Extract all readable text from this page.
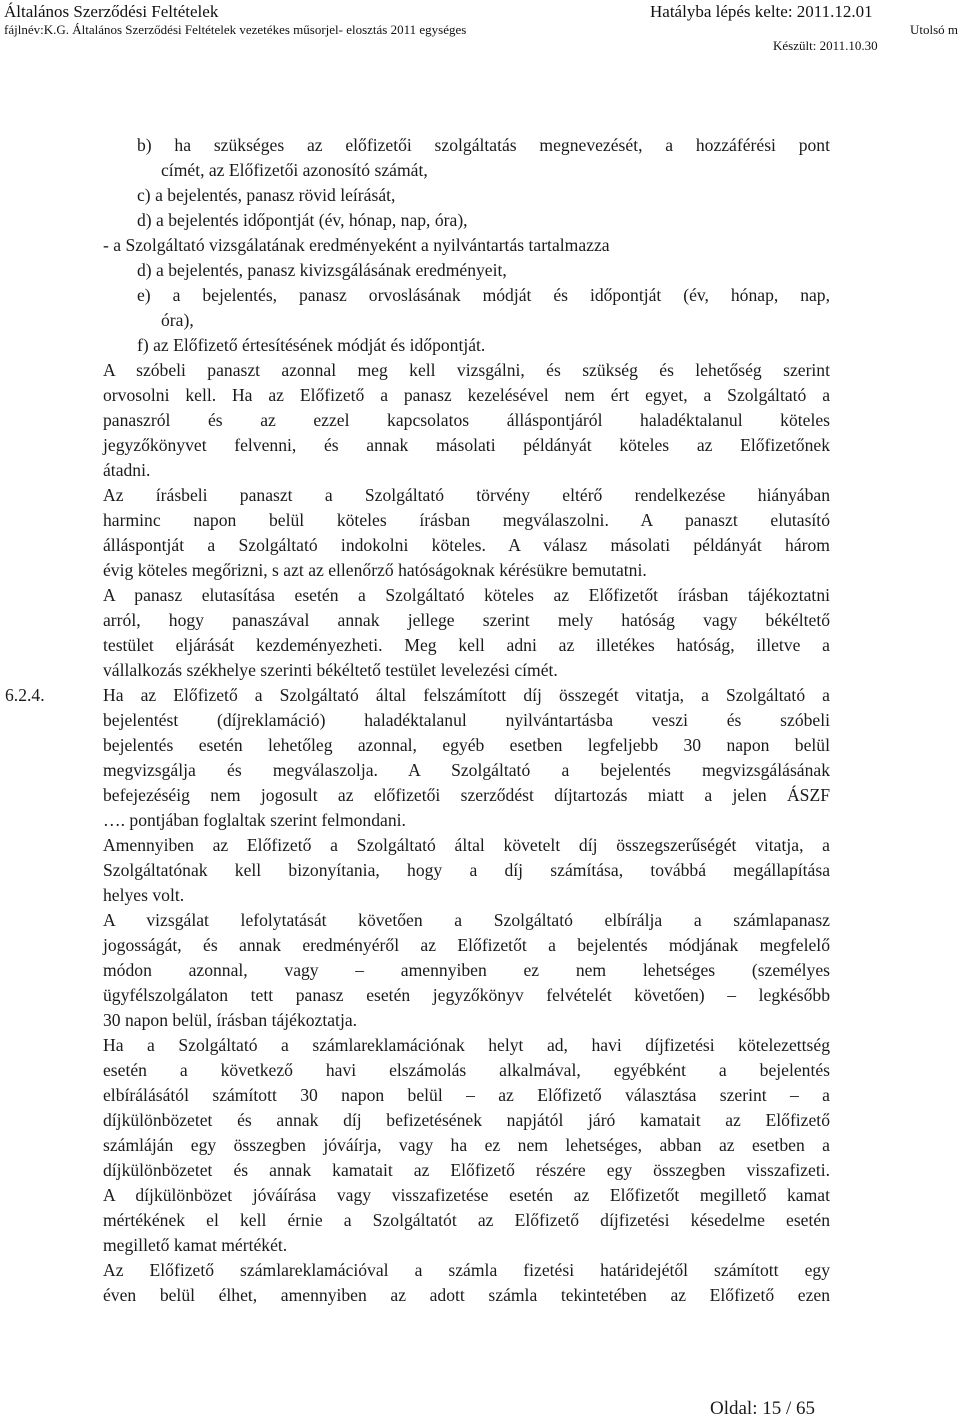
Általános Szerződési Feltételek	Hatályba lépés kelte: 2011.12.01
fájlnév:K.G. Általános Szerződési Feltételek vezetékes műsorjel- elosztás 2011 egységes	Utolsó m
Készült: 2011.10.30
b) ha szükséges az előfizetői szolgáltatás megnevezését, a hozzáférési pont
címét, az Előfizetői azonosító számát,
c) a bejelentés, panasz rövid leírását,
d) a bejelentés időpontját (év, hónap, nap, óra),
- a Szolgáltató vizsgálatának eredményeként a nyilvántartás tartalmazza
d) a bejelentés, panasz kivizsgálásának eredményeit,
e) a bejelentés, panasz orvoslásának módját és időpontját (év, hónap, nap,
óra),
f) az Előfizető értesítésének módját és időpontját.
A szóbeli panaszt azonnal meg kell vizsgálni, és szükség és lehetőség szerint
orvosolni kell. Ha az Előfizető a panasz kezelésével nem ért egyet, a Szolgáltató a
panaszról és az ezzel kapcsolatos álláspontjáról haladéktalanul köteles
jegyzőkönyvet felvenni, és annak másolati példányát köteles az Előfizetőnek
átadni.
Az írásbeli panaszt a Szolgáltató törvény eltérő rendelkezése hiányában
harminc napon belül köteles írásban megválaszolni. A panaszt elutasító
álláspontját a Szolgáltató indokolni köteles. A válasz másolati példányát három
évig köteles megőrizni, s azt az ellenőrző hatóságoknak kérésükre bemutatni.
A panasz elutasítása esetén a Szolgáltató köteles az Előfizetőt írásban tájékoztatni
arról, hogy panaszával annak jellege szerint mely hatóság vagy békéltető
testület eljárását kezdeményezheti. Meg kell adni az illetékes hatóság, illetve a
vállalkozás székhelye szerinti békéltető testület levelezési címét.
6.2.4.	Ha az Előfizető a Szolgáltató által felszámított díj összegét vitatja, a Szolgáltató a
bejelentést (díjreklamáció) haladéktalanul nyilvántartásba veszi és szóbeli
bejelentés esetén lehetőleg azonnal, egyéb esetben legfeljebb 30 napon belül
megvizsgálja és megválaszolja. A Szolgáltató a bejelentés megvizsgálásának
befejezéséig nem jogosult az előfizetői szerződést díjtartozás miatt a jelen ÁSZF
…. pontjában foglaltak szerint felmondani.
Amennyiben az Előfizető a Szolgáltató által követelt díj összegszerűségét vitatja, a
Szolgáltatónak kell bizonyítania, hogy a díj számítása, továbbá megállapítása
helyes volt.
A vizsgálat lefolytatását követően a Szolgáltató elbírálja a számlapanasz
jogosságát, és annak eredményéről az Előfizetőt a bejelentés módjának megfelelő
módon azonnal, vagy – amennyiben ez nem lehetséges (személyes
ügyfélszolgálaton tett panasz esetén jegyzőkönyv felvételét követően) – legkésőbb
30 napon belül, írásban tájékoztatja.
Ha a Szolgáltató a számlareklamációnak helyt ad, havi díjfizetési kötelezettség
esetén a következő havi elszámolás alkalmával, egyébként a bejelentés
elbírálásától számított 30 napon belül – az Előfizető választása szerint – a
díjkülönbözetet és annak díj befizetésének napjától járó kamatait az Előfizető
számláján egy összegben jóváírja, vagy ha ez nem lehetséges, abban az esetben a
díjkülönbözetet és annak kamatait az Előfizető részére egy összegben visszafizeti.
A díjkülönbözet jóváírása vagy visszafizetése esetén az Előfizetőt megillető kamat
mértékének el kell érnie a Szolgáltatót az Előfizető díjfizetési késedelme esetén
megillető kamat mértékét.
Az Előfizető számlareklamációval a számla fizetési határidejétől számított egy
éven belül élhet, amennyiben az adott számla tekintetében az Előfizető ezen
Oldal: 15 / 65
